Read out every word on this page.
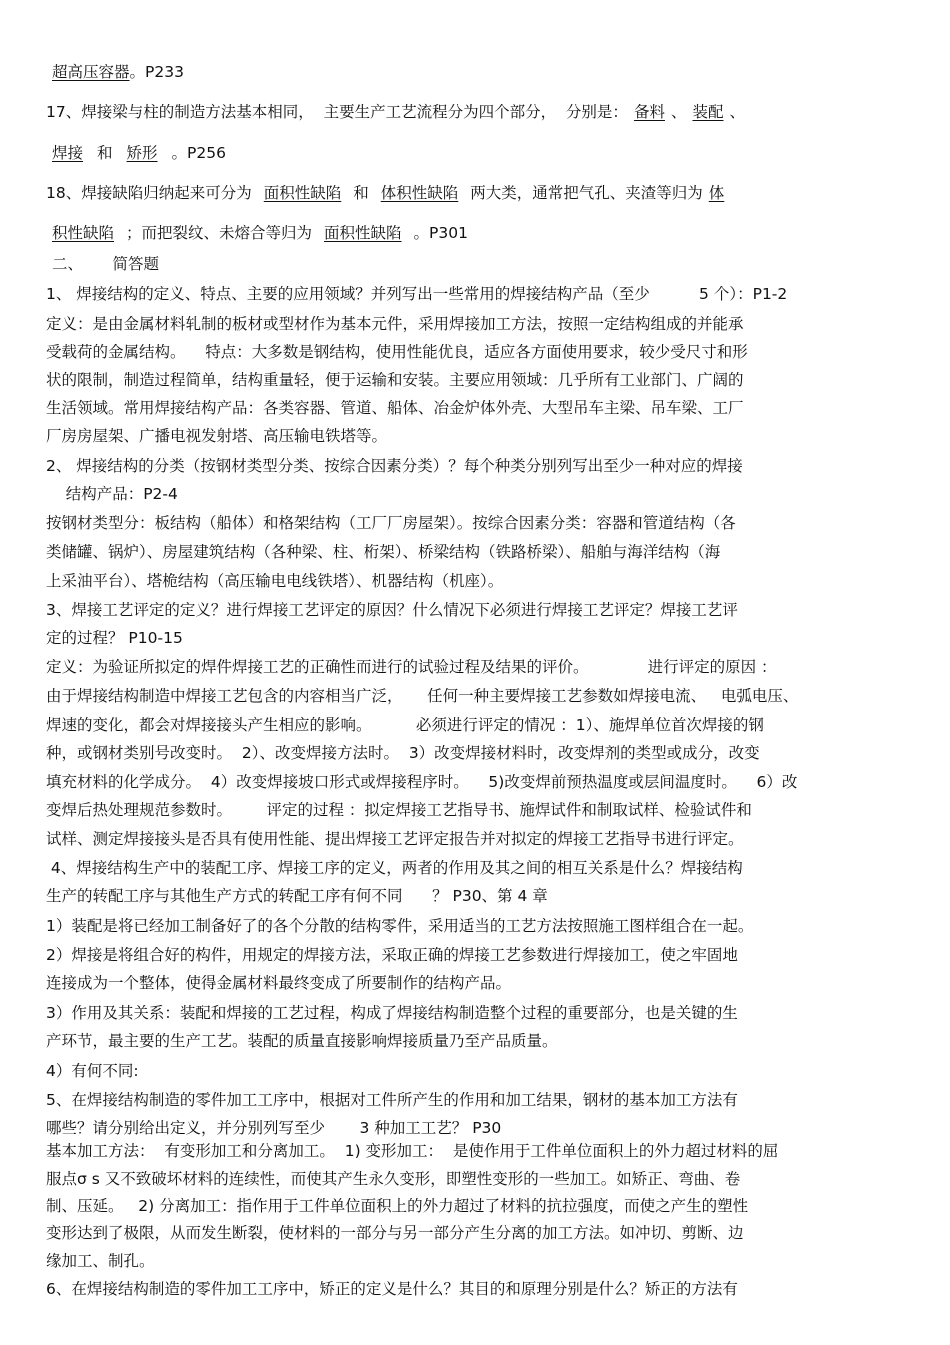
超高压容器。P233
17、焊接梁与柱的制造方法基本相同，  主要生产工艺流程分为四个部分，  分别是： 备料 、 装配 、
焊接 和 矫形 。P256
18、焊接缺陷归纳起来可分为 面积性缺陷 和 体积性缺陷 两大类，通常把气孔、夹渣等归为 体
积性缺陷 ；而把裂纹、未熔合等归为 面积性缺陷 。P301
二、      简答题
1、 焊接结构的定义、特点、主要的应用领域？并列写出一些常用的焊接结构产品（至少          5 个）：P1-2
定义：是由金属材料轧制的板材或型材作为基本元件，采用焊接加工方法，按照一定结构组成的并能承
受载荷的金属结构。    特点：大多数是钢结构，使用性能优良，适应各方面使用要求，较少受尺寸和形
状的限制，制造过程简单，结构重量轻，便于运输和安装。主要应用领域：几乎所有工业部门、广阔的
生活领域。常用焊接结构产品：各类容器、管道、船体、冶金炉体外壳、大型吊车主梁、吊车梁、工厂
厂房房屋架、广播电视发射塔、高压输电铁塔等。
2、 焊接结构的分类（按钢材类型分类、按综合因素分类）？每个种类分别列写出至少一种对应的焊接
结构产品：P2-4
按钢材类型分：板结构（船体）和格架结构（工厂厂房屋架）。按综合因素分类：容器和管道结构（各
类储罐、锅炉）、房屋建筑结构（各种梁、柱、桁架）、桥梁结构（铁路桥梁）、船舶与海洋结构（海
上采油平台）、塔桅结构（高压输电电线铁塔）、机器结构（机座）。
3、焊接工艺评定的定义？进行焊接工艺评定的原因？什么情况下必须进行焊接工艺评定？焊接工艺评
定的过程？ P10-15
定义：为验证所拟定的焊件焊接工艺的正确性而进行的试验过程及结果的评价。            进行评定的原因 ：
由于焊接结构制造中焊接工艺包含的内容相当广泛，     任何一种主要焊接工艺参数如焊接电流、   电弧电压、
焊速的变化，都会对焊接接头产生相应的影响。         必须进行评定的情况 ：1）、施焊单位首次焊接的钢
种，或钢材类别号改变时。  2）、改变焊接方法时。  3）改变焊接材料时，改变焊剂的类型或成分，改变
填充材料的化学成分。  4）改变焊接坡口形式或焊接程序时。    5)改变焊前预热温度或层间温度时。    6）改
变焊后热处理规范参数时。       评定的过程 ：拟定焊接工艺指导书、施焊试件和制取试样、检验试件和
试样、测定焊接接头是否具有使用性能、提出焊接工艺评定报告并对拟定的焊接工艺指导书进行评定。
4、焊接结构生产中的装配工序、焊接工序的定义，两者的作用及其之间的相互关系是什么？焊接结构
生产的转配工序与其他生产方式的转配工序有何不同      ？ P30、第 4 章
1）装配是将已经加工制备好了的各个分散的结构零件，采用适当的工艺方法按照施工图样组合在一起。
2）焊接是将组合好的构件，用规定的焊接方法，采取正确的焊接工艺参数进行焊接加工，使之牢固地
连接成为一个整体，使得金属材料最终变成了所要制作的结构产品。
3）作用及其关系：装配和焊接的工艺过程，构成了焊接结构制造整个过程的重要部分，也是关键的生
产环节，最主要的生产工艺。装配的质量直接影响焊接质量乃至产品质量。
4）有何不同:
5、在焊接结构制造的零件加工工序中，根据对工件所产生的作用和加工结果，钢材的基本加工方法有
哪些？请分别给出定义，并分别列写至少       3 种加工工艺？ P30
基本加工方法：  有变形加工和分离加工。  1) 变形加工：  是使作用于工件单位面积上的外力超过材料的屈
服点σ s 又不致破坏材料的连续性，而使其产生永久变形，即塑性变形的一些加工。如矫正、弯曲、卷
制、压延。   2) 分离加工：指作用于工件单位面积上的外力超过了材料的抗拉强度，而使之产生的塑性
变形达到了极限，从而发生断裂，使材料的一部分与另一部分产生分离的加工方法。如冲切、剪断、边
缘加工、制孔。
6、在焊接结构制造的零件加工工序中，矫正的定义是什么？其目的和原理分别是什么？矫正的方法有
